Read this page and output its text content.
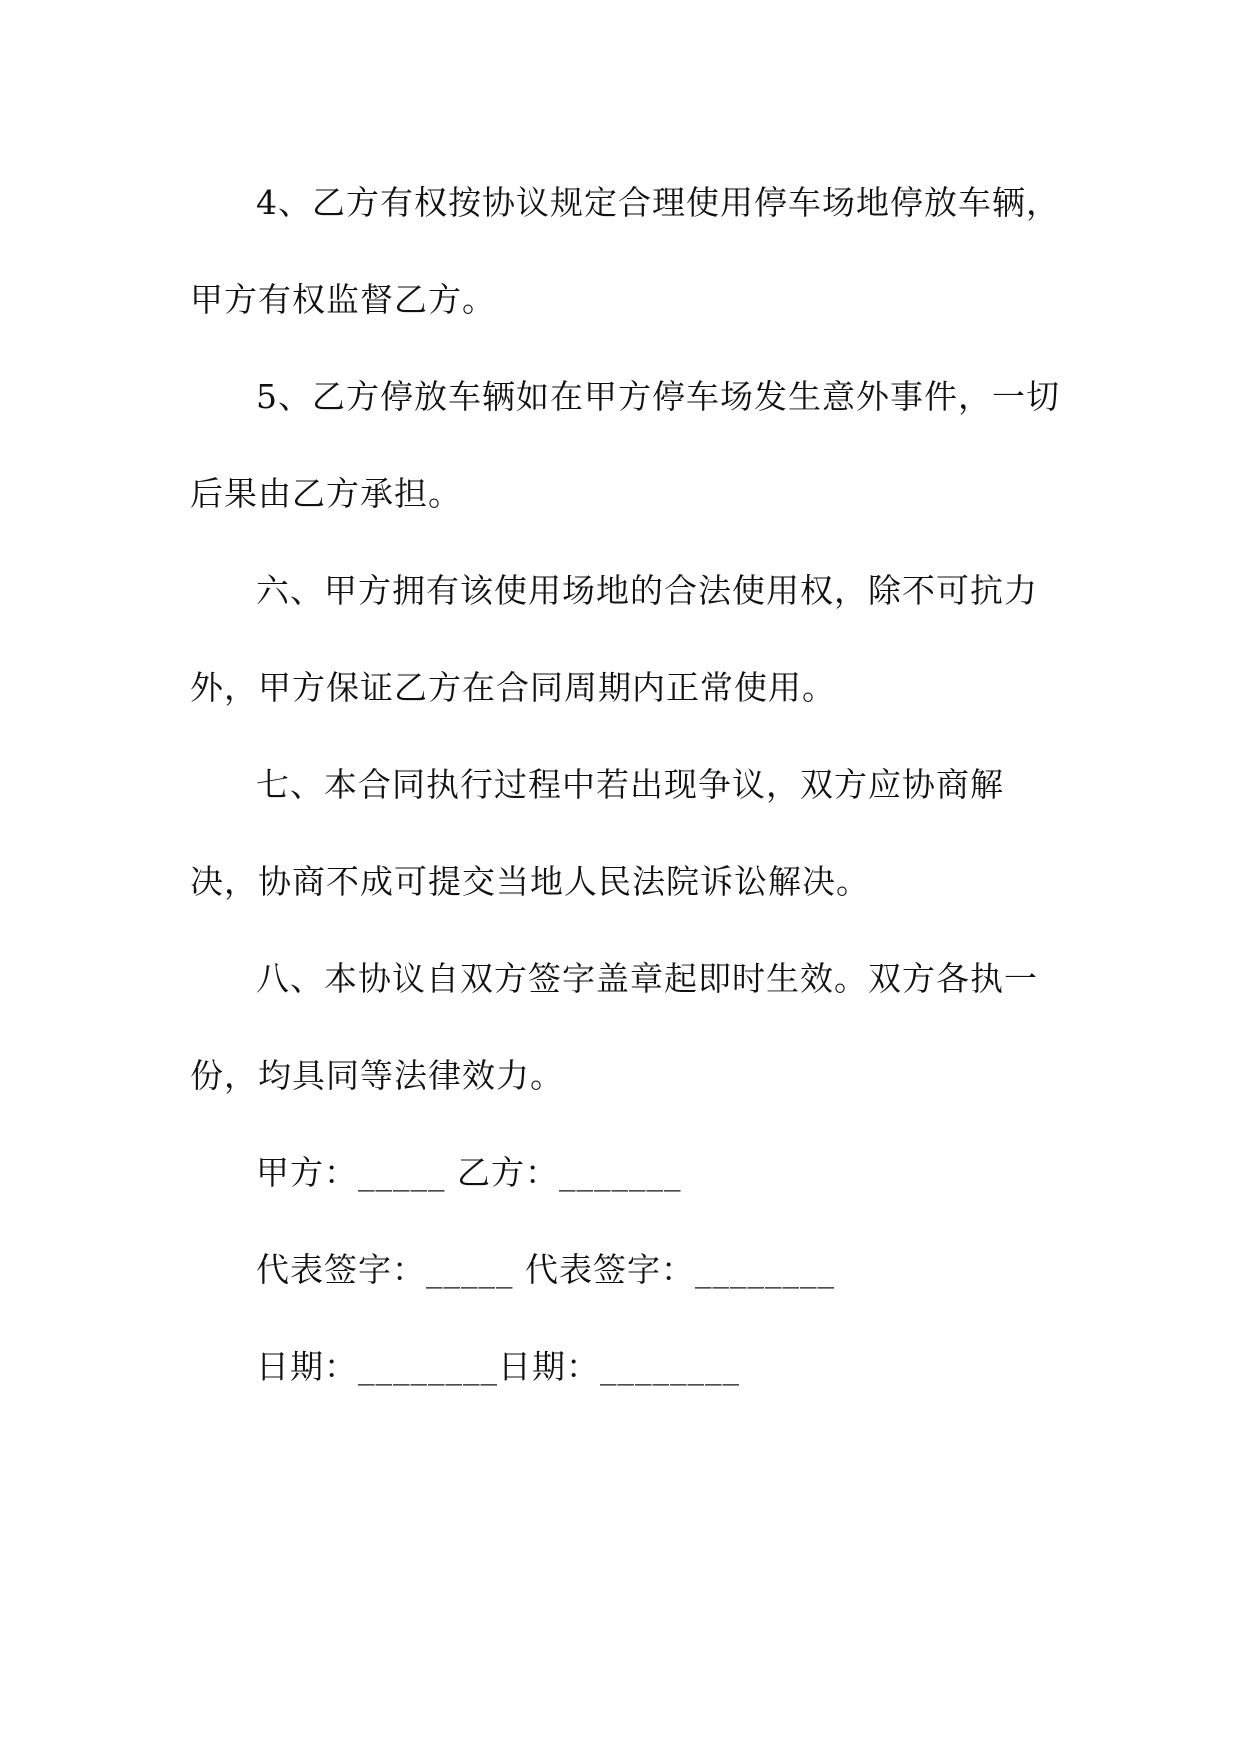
4、乙方有权按协议规定合理使用停车场地停放车辆，
甲方有权监督乙方。
5、乙方停放车辆如在甲方停车场发生意外事件，一切
后果由乙方承担。
六、甲方拥有该使用场地的合法使用权，除不可抗力
外，甲方保证乙方在合同周期内正常使用。
七、本合同执行过程中若出现争议，双方应协商解
决，协商不成可提交当地人民法院诉讼解决。
八、本协议自双方签字盖章起即时生效。双方各执一
份，均具同等法律效力。
甲方：_____ 乙方：_______
代表签字：_____ 代表签字：________
日期：________日期：________
